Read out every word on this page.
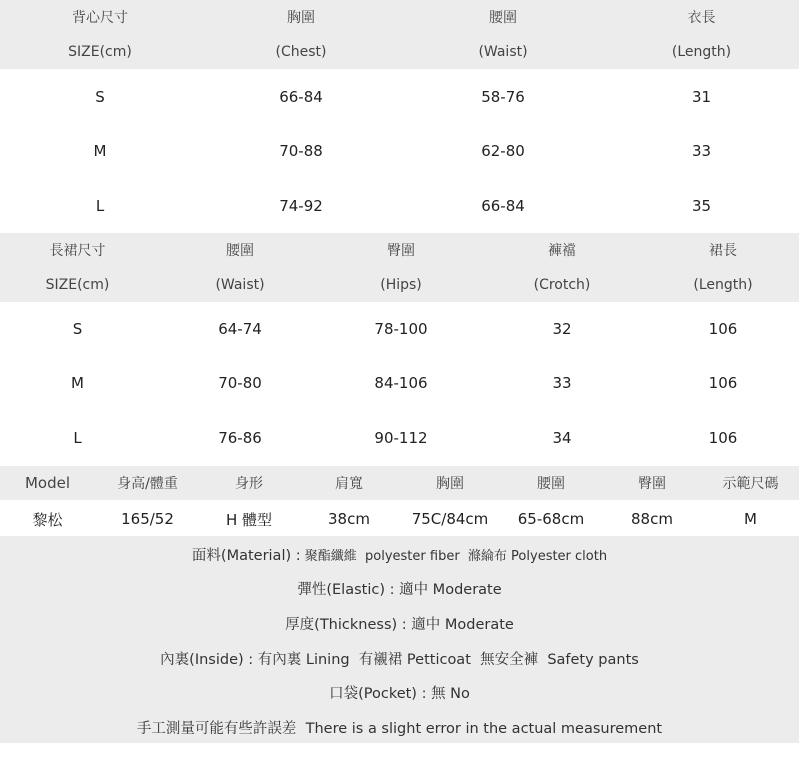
背心尺寸	胸圍	腰圍	衣長
SIZE(cm)	(Chest)	(Waist)	(Length)
S	66-84	58-76	31
M	70-88	62-80	33
L	74-92	66-84	35
長裙尺寸	腰圍	臀圍	褲襠	裙長
SIZE(cm)	(Waist)	(Hips)	(Crotch)	(Length)
S	64-74	78-100	32	106
M	70-80	84-106	33	106
L	76-86	90-112	34	106
Model	身高/體重	身形	肩寬	胸圍	腰圍	臀圍	示範尺碼
黎松	165/52	H 體型	38cm	75C/84cm	65-68cm	88cm	M
面料(Material) : 聚酯纖維  polyester fiber  滌綸布 Polyester cloth
彈性(Elastic) : 適中 Moderate
厚度(Thickness) : 適中 Moderate
內裏(Inside) : 有內裏 Lining  有襯裙 Petticoat  無安全褲  Safety pants
口袋(Pocket) : 無 No
手工測量可能有些許誤差  There is a slight error in the actual measurement
